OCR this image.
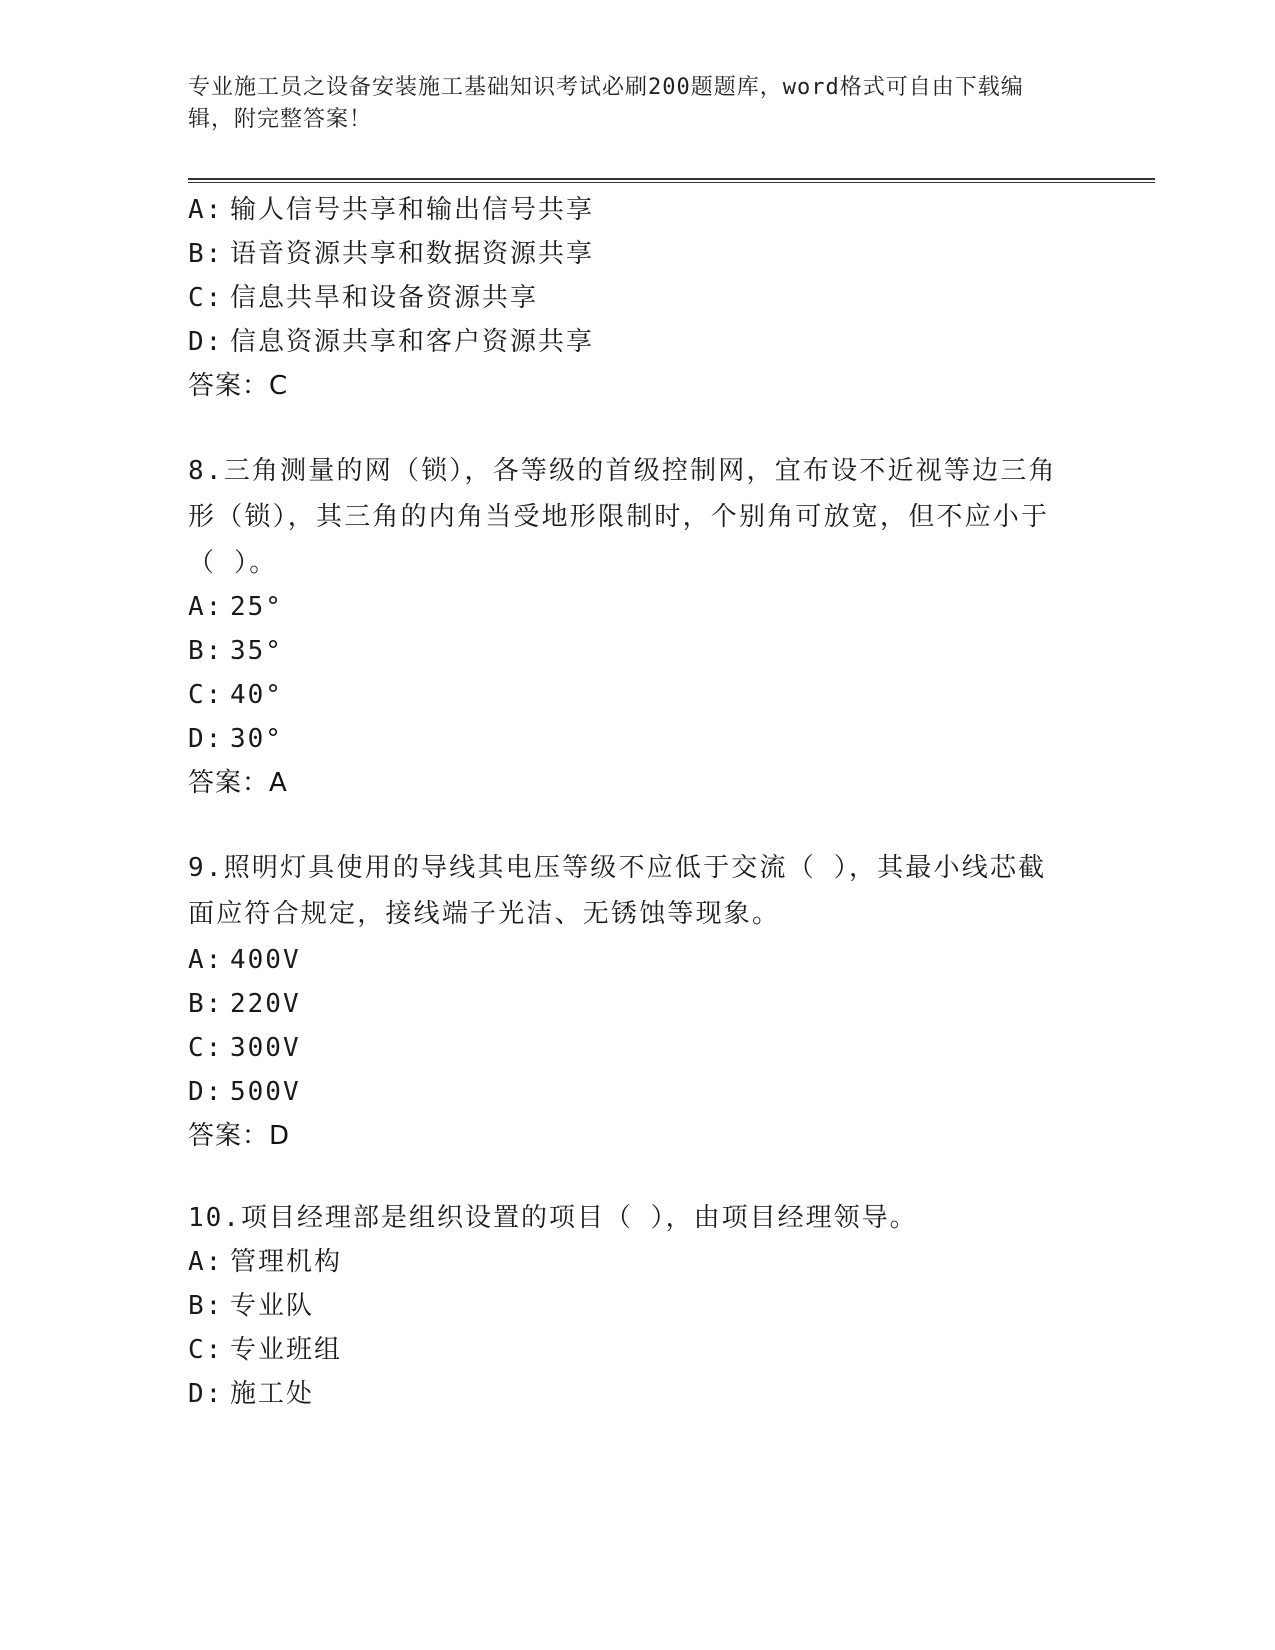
专业施工员之设备安装施工基础知识考试必刷200题题库，word格式可自由下载编辑，附完整答案！
A: 输人信号共享和输出信号共享
B: 语音资源共享和数据资源共享
C: 信息共旱和设备资源共享
D: 信息资源共享和客户资源共享
答案：C
8.三角测量的网（锁），各等级的首级控制网，宜布设不近视等边三角形（锁），其三角的内角当受地形限制时，个别角可放宽，但不应小于（ ）。
A: 25°
B: 35°
C: 40°
D: 30°
答案：A
9.照明灯具使用的导线其电压等级不应低于交流（ ），其最小线芯截面应符合规定，接线端子光洁、无锈蚀等现象。
A: 400V
B: 220V
C: 300V
D: 500V
答案：D
10.项目经理部是组织设置的项目（ ），由项目经理领导。
A: 管理机构
B: 专业队
C: 专业班组
D: 施工处
